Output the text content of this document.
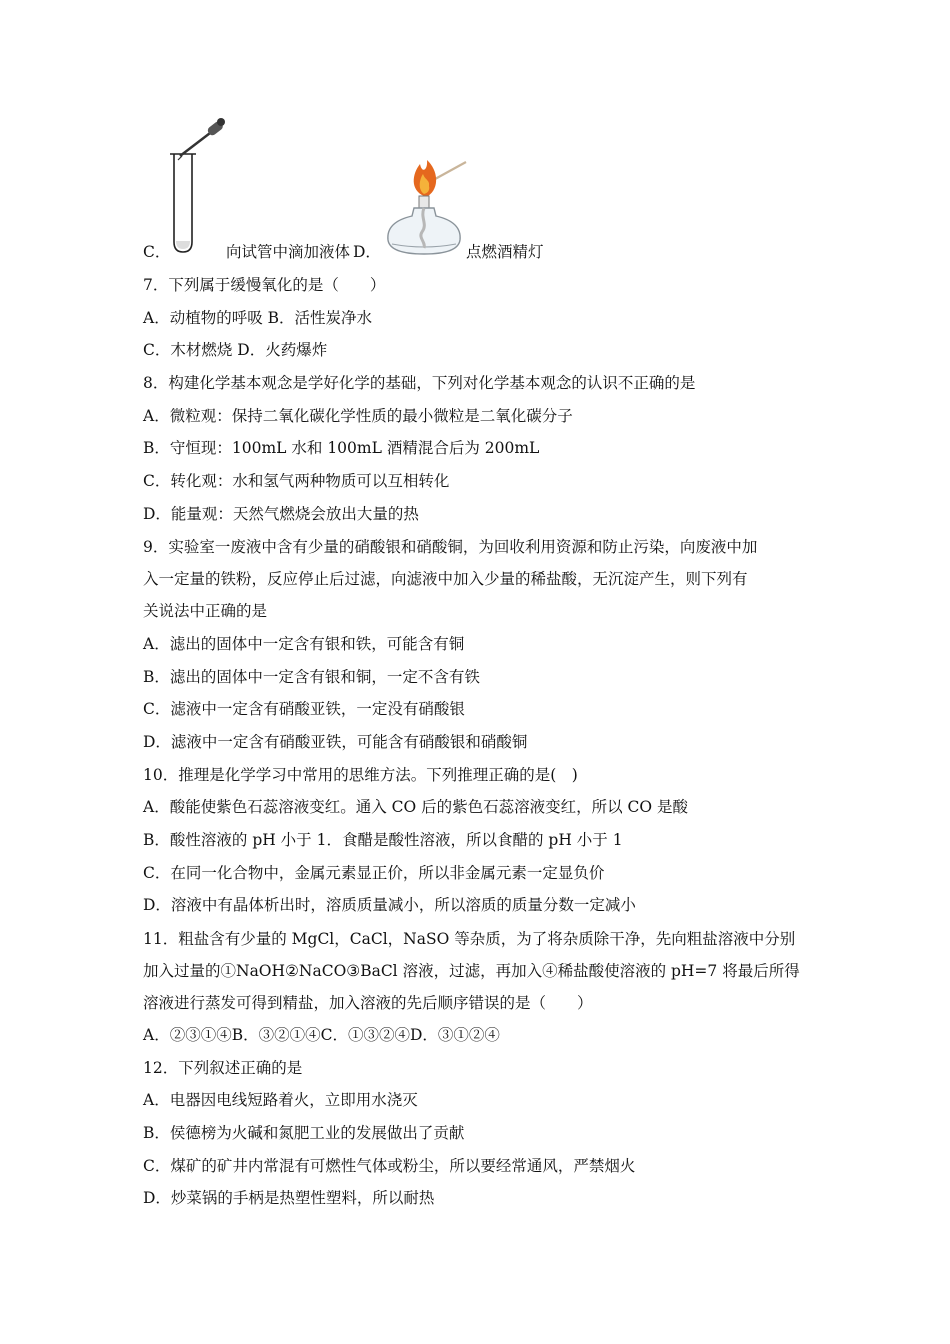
C．	向试管中滴加液体 D．	点燃酒精灯
7．下列属于缓慢氧化的是（　　）
A．动植物的呼吸 B．活性炭净水
C．木材燃烧 D．火药爆炸
8．构建化学基本观念是学好化学的基础，下列对化学基本观念的认识不正确的是
A．微粒观：保持二氧化碳化学性质的最小微粒是二氧化碳分子
B．守恒现：100mL 水和 100mL 酒精混合后为 200mL
C．转化观：水和氢气两种物质可以互相转化
D．能量观：天然气燃烧会放出大量的热
9．实验室一废液中含有少量的硝酸银和硝酸铜，为回收利用资源和防止污染，向废液中加
入一定量的铁粉，反应停止后过滤，向滤液中加入少量的稀盐酸，无沉淀产生，则下列有
关说法中正确的是
A．滤出的固体中一定含有银和铁，可能含有铜
B．滤出的固体中一定含有银和铜，一定不含有铁
C．滤液中一定含有硝酸亚铁，一定没有硝酸银
D．滤液中一定含有硝酸亚铁，可能含有硝酸银和硝酸铜
10．推理是化学学习中常用的思维方法。下列推理正确的是(　)
A．酸能使紫色石蕊溶液变红。通入 CO 后的紫色石蕊溶液变红，所以 CO 是酸
B．酸性溶液的 pH 小于 1．食醋是酸性溶液，所以食醋的 pH 小于 1
C．在同一化合物中，金属元素显正价，所以非金属元素一定显负价
D．溶液中有晶体析出时，溶质质量减小，所以溶质的质量分数一定减小
11．粗盐含有少量的 MgCl，CaCl，NaSO 等杂质，为了将杂质除干净，先向粗盐溶液中分别
加入过量的①NaOH②NaCO③BaCl 溶液，过滤，再加入④稀盐酸使溶液的 pH=7 将最后所得
溶液进行蒸发可得到精盐，加入溶液的先后顺序错误的是（　　）
A．②③①④B．③②①④C．①③②④D．③①②④
12．下列叙述正确的是
A．电器因电线短路着火，立即用水浇灭
B．侯德榜为火碱和氮肥工业的发展做出了贡献
C．煤矿的矿井内常混有可燃性气体或粉尘，所以要经常通风，严禁烟火
D．炒菜锅的手柄是热塑性塑料，所以耐热
